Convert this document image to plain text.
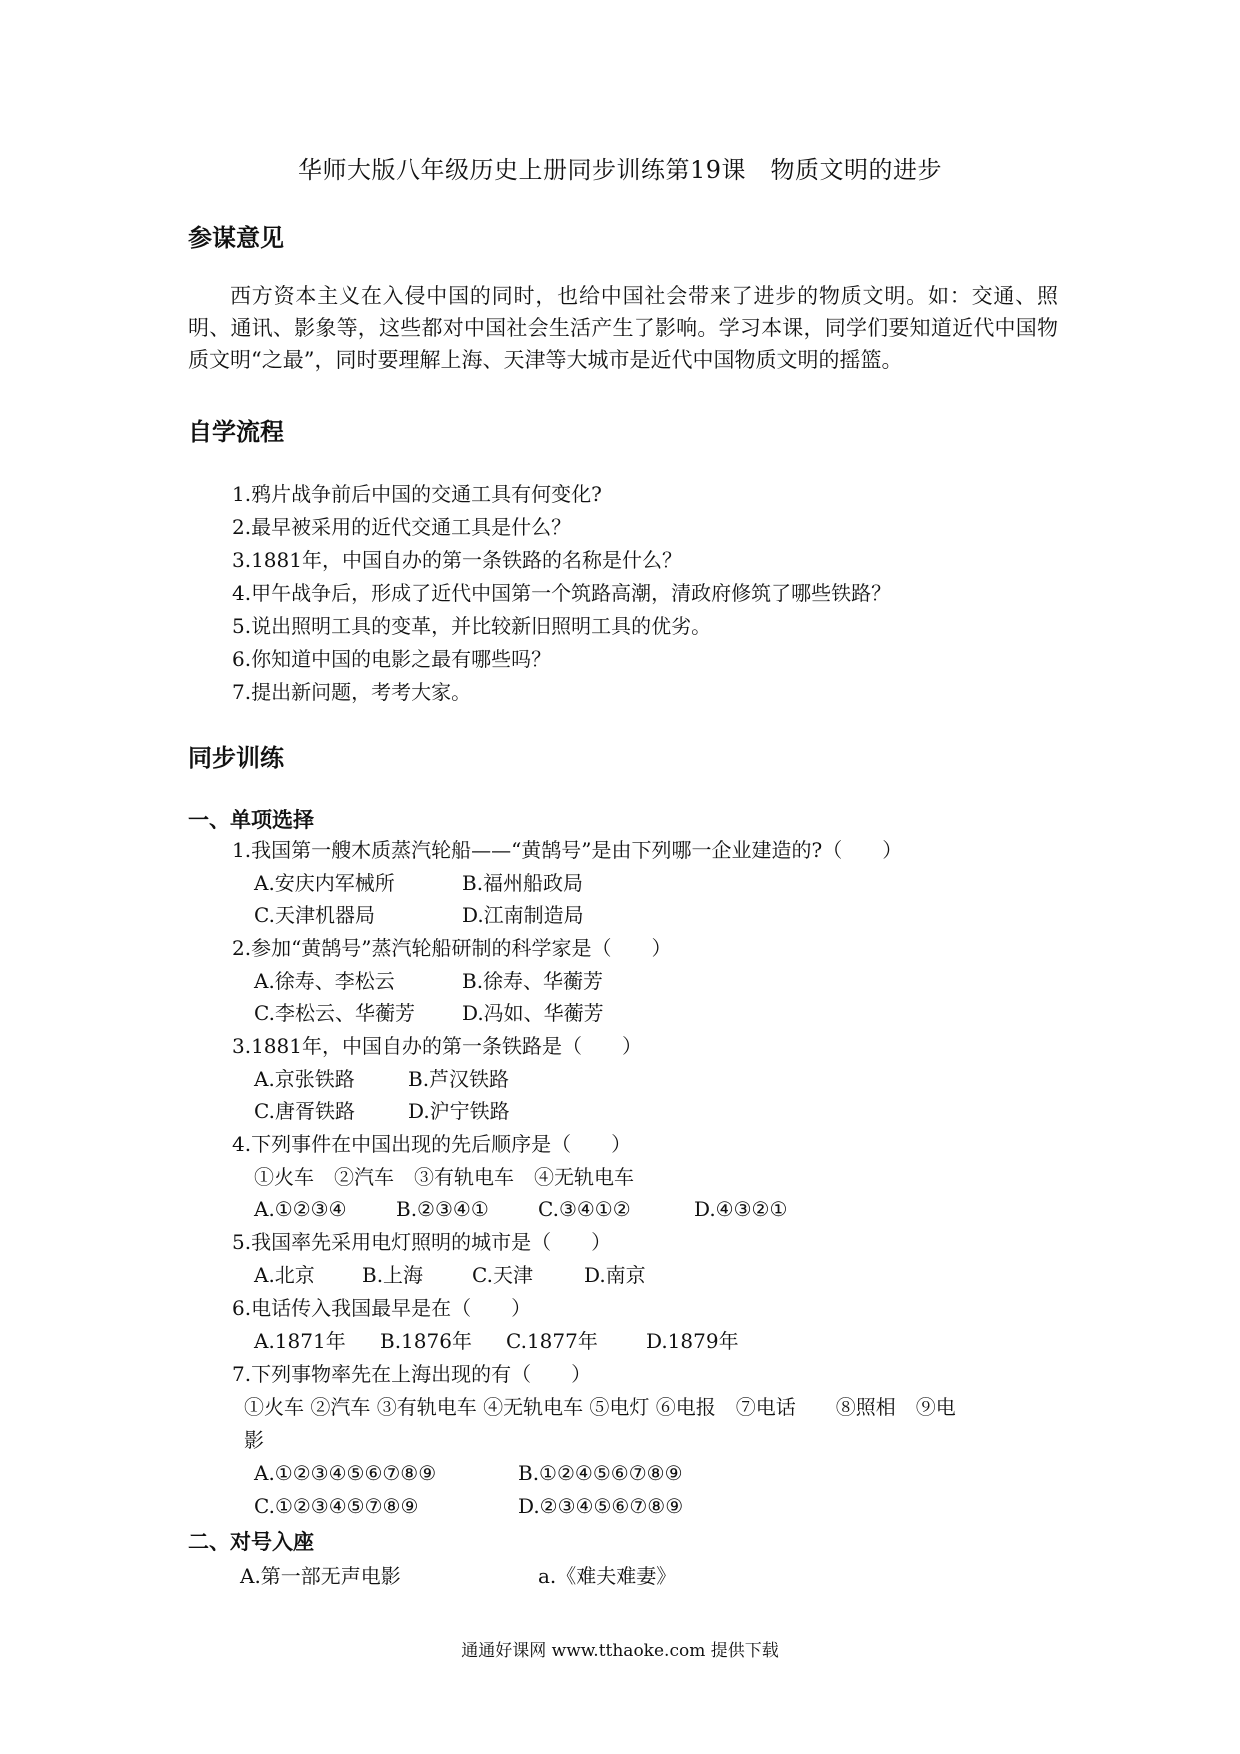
华师大版八年级历史上册同步训练第19课　物质文明的进步
参谋意见
西方资本主义在入侵中国的同时，也给中国社会带来了进步的物质文明。如：交通、照明、通讯、影象等，这些都对中国社会生活产生了影响。学习本课，同学们要知道近代中国物质文明“之最”，同时要理解上海、天津等大城市是近代中国物质文明的摇篮。
自学流程
1.鸦片战争前后中国的交通工具有何变化?
2.最早被采用的近代交通工具是什么？
3.1881年，中国自办的第一条铁路的名称是什么？
4.甲午战争后，形成了近代中国第一个筑路高潮，清政府修筑了哪些铁路？
5.说出照明工具的变革，并比较新旧照明工具的优劣。
6.你知道中国的电影之最有哪些吗？
7.提出新问题，考考大家。
同步训练
一、单项选择
1.我国第一艘木质蒸汽轮船——“黄鹄号”是由下列哪一企业建造的?（　　）
A.安庆内军械所	B.福州船政局
C.天津机器局	D.江南制造局
2.参加“黄鹄号”蒸汽轮船研制的科学家是（　　）
A.徐寿、李松云	B.徐寿、华蘅芳
C.李松云、华蘅芳 D.冯如、华蘅芳
3.1881年，中国自办的第一条铁路是（　　）
A.京张铁路	B.芦汉铁路
C.唐胥铁路	D.沪宁铁路
4.下列事件在中国出现的先后顺序是（　　）
①火车　②汽车　③有轨电车　④无轨电车
A.①②③④ B.②③④① C.③④①②	D.④③②①
5.我国率先采用电灯照明的城市是（　　）
A.北京 B.上海 C.天津	D.南京
6.电话传入我国最早是在（　　）
A.1871年 B.1876年 C.1877年 D.1879年
7.下列事物率先在上海出现的有（　　）
①火车 ②汽车 ③有轨电车 ④无轨电车 ⑤电灯 ⑥电报　⑦电话　　⑧照相　⑨电
影
A.①②③④⑤⑥⑦⑧⑨	B.①②④⑤⑥⑦⑧⑨
C.①②③④⑤⑦⑧⑨	D.②③④⑤⑥⑦⑧⑨
二、对号入座
A.第一部无声电影	a.《难夫难妻》
通通好课网 www.tthaoke.com 提供下载
